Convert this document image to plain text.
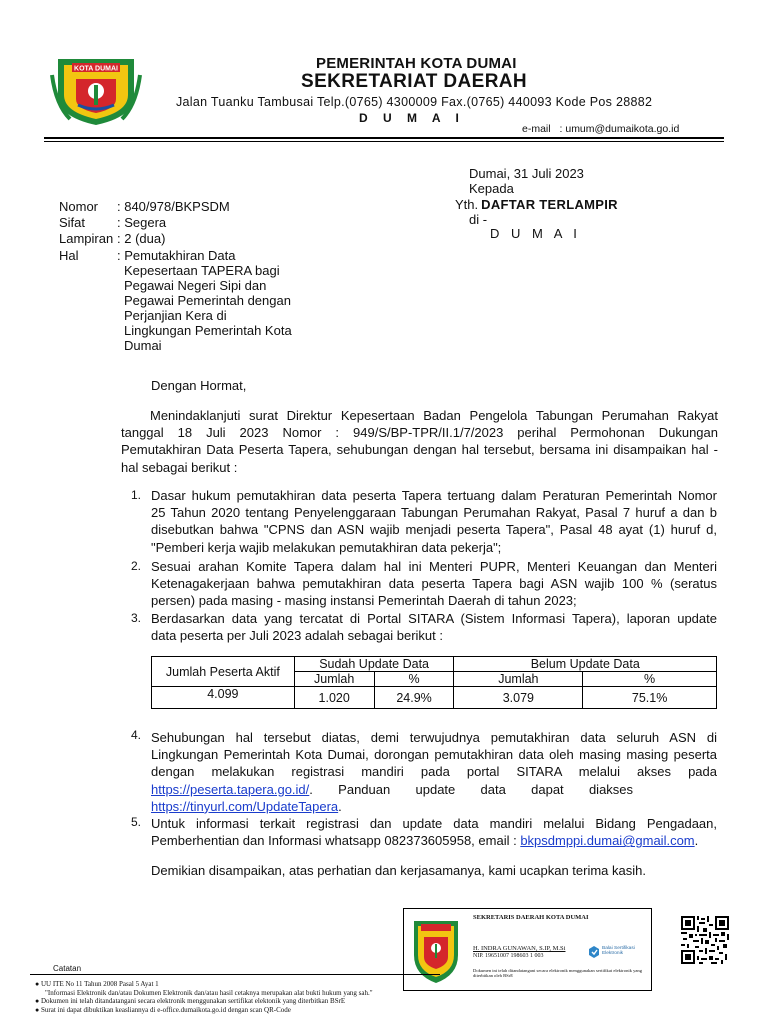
KOTA DUMAI	PEMERINTAH KOTA DUMAI
SEKRETARIAT DAERAH
Jalan Tuanku Tambusai Telp.(0765) 4300009 Fax.(0765) 440093 Kode Pos 28882
D U M A I
e-mail : umum@dumaikota.go.id
Dumai, 31 Juli 2023
Kepada
Yth. DAFTAR TERLAMPIR
di -
D U M A I
Nomor	: 840/978/BKPSDM
Sifat	: Segera
Lampiran : 2 (dua)
Hal	: Pemutakhiran Data
Kepesertaan TAPERA bagi
Pegawai Negeri Sipi dan
Pegawai Pemerintah dengan
Perjanjian Kera di
Lingkungan Pemerintah Kota
Dumai
Dengan Hormat,
Menindaklanjuti surat Direktur Kepesertaan Badan Pengelola Tabungan Perumahan Rakyat
tanggal 18 Juli 2023 Nomor : 949/S/BP-TPR/II.1/7/2023 perihal Permohonan Dukungan
Pemutakhiran Data Peserta Tapera, sehubungan dengan hal tersebut, bersama ini disampaikan hal -
hal sebagai berikut :
1. Dasar hukum pemutakhiran data peserta Tapera tertuang dalam Peraturan Pemerintah Nomor
25 Tahun 2020 tentang Penyelenggaraan Tabungan Perumahan Rakyat, Pasal 7 huruf a dan b
disebutkan bahwa "CPNS dan ASN wajib menjadi peserta Tapera", Pasal 48 ayat (1) huruf d,
"Pemberi kerja wajib melakukan pemutakhiran data pekerja";
2. Sesuai arahan Komite Tapera dalam hal ini Menteri PUPR, Menteri Keuangan dan Menteri
Ketenagakerjaan bahwa pemutakhiran data peserta Tapera bagi ASN wajib 100 % (seratus
persen) pada masing - masing instansi Pemerintah Daerah di tahun 2023;
3. Berdasarkan data yang tercatat di Portal SITARA (Sistem Informasi Tapera), laporan update
data peserta per Juli 2023 adalah sebagai berikut :
Jumlah Peserta Aktif	Sudah Update Data		Belum Update Data	
	Jumlah	%	Jumlah	%
4.099	1.020	24.9%	3.079	75.1%
4. Sehubungan hal tersebut diatas, demi terwujudnya pemutakhiran data seluruh ASN di
Lingkungan Pemerintah Kota Dumai, dorongan pemutakhiran data oleh masing masing peserta
dengan melakukan registrasi mandiri pada portal SITARA melalui akses pada
https://peserta.tapera.go.id/.       Panduan       update       data       dapat       diakses
https://tinyurl.com/UpdateTapera.
5. Untuk informasi terkait registrasi dan update data mandiri melalui Bidang Pengadaan,
Pemberhentian dan Informasi whatsapp 082373605958, email : bkpsdmppi.dumai@gmail.com.
Demikian disampaikan, atas perhatian dan kerjasamanya, kami ucapkan terima kasih.
SEKRETARIS DAERAH KOTA DUMAI
H. INDRA GUNAWAN, S.IP, M.Si
NIP. 19651007 198603 1 003
Dokumen ini telah ditandatangani secara elektronik menggunakan sertifikat elektronik yang diterbitkan oleh BSrE
Balai Sertifikasi Elektronik
Catatan
● UU ITE No 11 Tahun 2008 Pasal 5 Ayat 1
"Informasi Elektronik dan/atau Dokumen Elektronik dan/atau hasil cetaknya merupakan alat bukti hukum yang sah."
● Dokumen ini telah ditandatangani secara elektronik menggunakan sertifikat elektonik yang diterbitkan BSrE
● Surat ini dapat dibuktikan keasliannya di e-office.dumaikota.go.id dengan scan QR-Code
